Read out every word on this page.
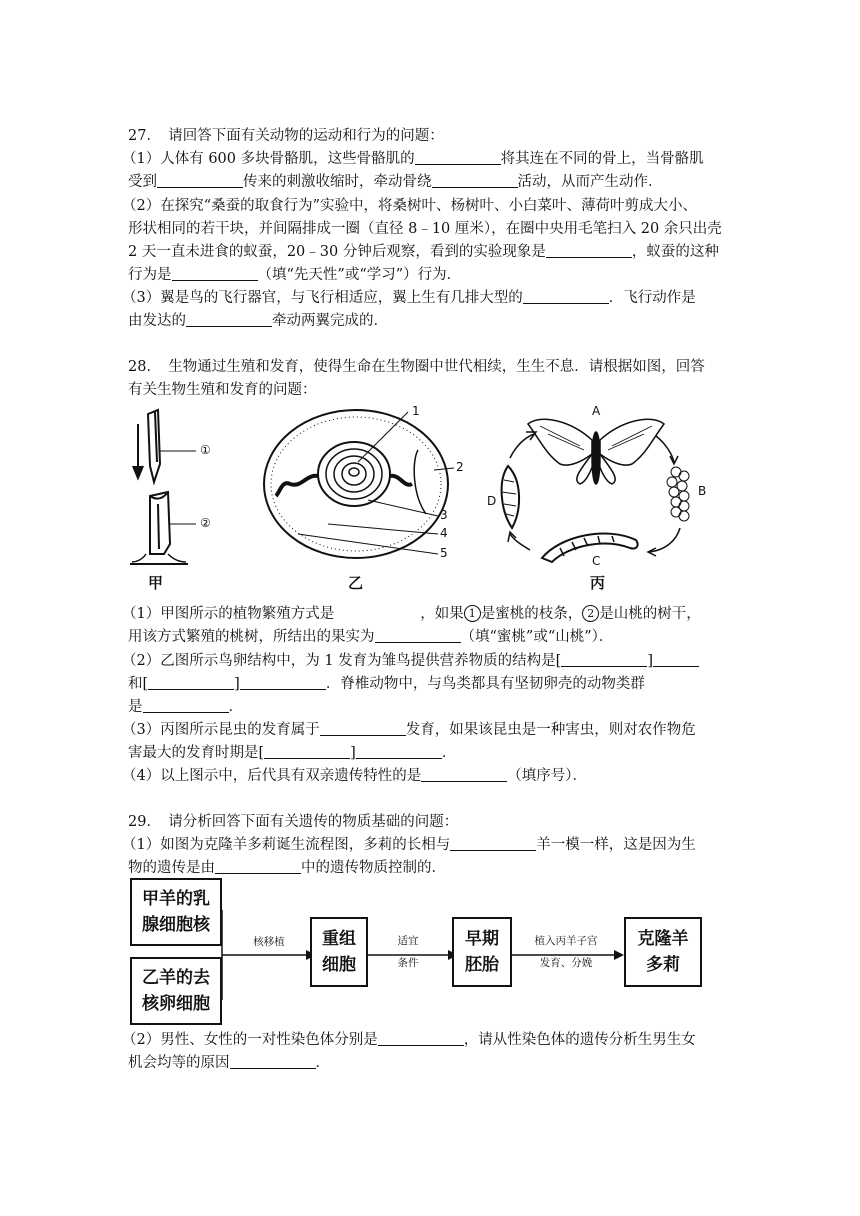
27．　请回答下面有关动物的运动和行为的问题：
（1）人体有 600 多块骨骼肌，这些骨骼肌的	将其连在不同的骨上，当骨骼肌
受到	传来的刺激收缩时，牵动骨绕	活动，从而产生动作．
（2）在探究“桑蚕的取食行为”实验中，将桑树叶、杨树叶、小白菜叶、薄荷叶剪成大小、
形状相同的若干块，并间隔排成一圈（直径 8﹣10 厘米），在圈中央用毛笔扫入 20 余只出壳
2 天一直未进食的蚁蚕，20﹣30 分钟后观察，看到的实验现象是	，蚁蚕的这种
行为是	（填“先天性”或“学习”）行为．
（3）翼是鸟的飞行器官，与飞行相适应，翼上生有几排大型的	．飞行动作是
由发达的	牵动两翼完成的．
28．　生物通过生殖和发育，使得生命在生物圈中世代相续，生生不息．请根据如图，回答
有关生物生殖和发育的问题：
①
②
甲
1
2
3
4
5
乙
A
B
C
D
丙
（1）甲图所示的植物繁殖方式是	，如果 1 是蜜桃的枝条， 2 是山桃的树干，
用该方式繁殖的桃树，所结出的果实为	（填“蜜桃”或“山桃”）．
（2）乙图所示鸟卵结构中，为 1 发育为雏鸟提供营养物质的结构是[	]
和[	]	．脊椎动物中，与鸟类都具有坚韧卵壳的动物类群
是	．
（3）丙图所示昆虫的发育属于	发育，如果该昆虫是一种害虫，则对农作物危
害最大的发育时期是[	]	．
（4）以上图示中，后代具有双亲遗传特性的是	（填序号）．
29．　请分析回答下面有关遗传的物质基础的问题：
（1）如图为克隆羊多莉诞生流程图，多莉的长相与	羊一模一样，这是因为生
物的遗传是由	中的遗传物质控制的．
甲羊的乳
腺细胞核
乙羊的去
核卵细胞
核移植	重组
细胞
适宜
条件
早期
胚胎
植入丙羊子宫
发育、分娩
克隆羊
多莉
（2）男性、女性的一对性染色体分别是	，请从性染色体的遗传分析生男生女
机会均等的原因	．
